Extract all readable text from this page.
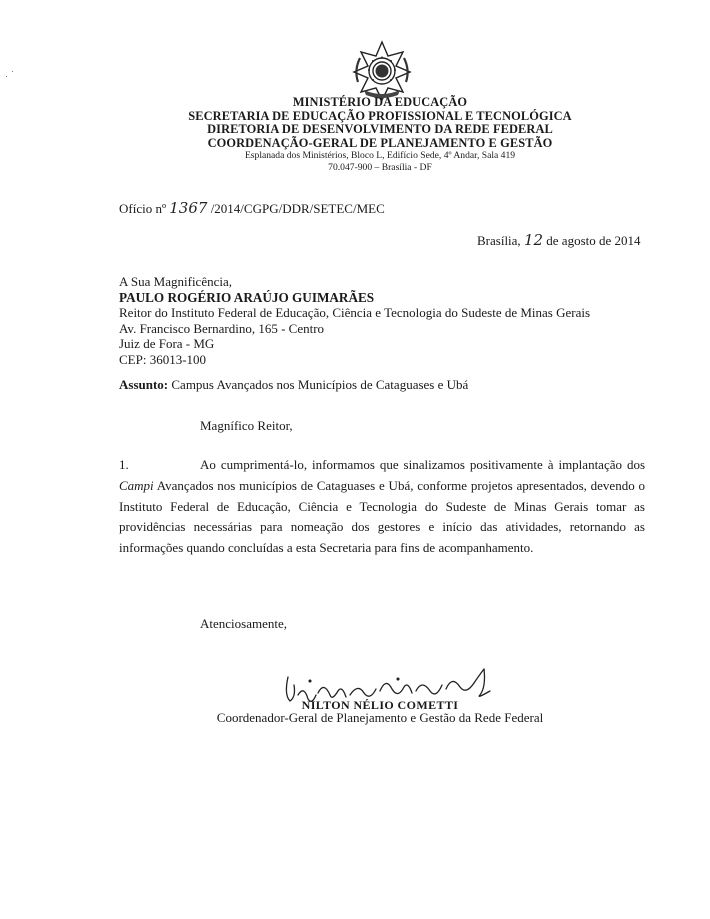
MINISTÉRIO DA EDUCAÇÃO
SECRETARIA DE EDUCAÇÃO PROFISSIONAL E TECNOLÓGICA
DIRETORIA DE DESENVOLVIMENTO DA REDE FEDERAL
COORDENAÇÃO-GERAL DE PLANEJAMENTO E GESTÃO
Esplanada dos Ministérios, Bloco L, Edifício Sede, 4º Andar, Sala 419
70.047-900 – Brasília - DF
Ofício nº 1367 /2014/CGPG/DDR/SETEC/MEC
Brasília, 12 de agosto de 2014
A Sua Magnificência,
PAULO ROGÉRIO ARAÚJO GUIMARÃES
Reitor do Instituto Federal de Educação, Ciência e Tecnologia do Sudeste de Minas Gerais
Av. Francisco Bernardino, 165 - Centro
Juiz de Fora - MG
CEP: 36013-100
Assunto: Campus Avançados nos Municípios de Cataguases e Ubá
Magnífico Reitor,
1.	Ao cumprimentá-lo, informamos que sinalizamos positivamente à implantação dos Campi Avançados nos municípios de Cataguases e Ubá, conforme projetos apresentados, devendo o Instituto Federal de Educação, Ciência e Tecnologia do Sudeste de Minas Gerais tomar as providências necessárias para nomeação dos gestores e início das atividades, retornando as informações quando concluídas a esta Secretaria para fins de acompanhamento.
Atenciosamente,
NILTON NÉLIO COMETTI
Coordenador-Geral de Planejamento e Gestão da Rede Federal
